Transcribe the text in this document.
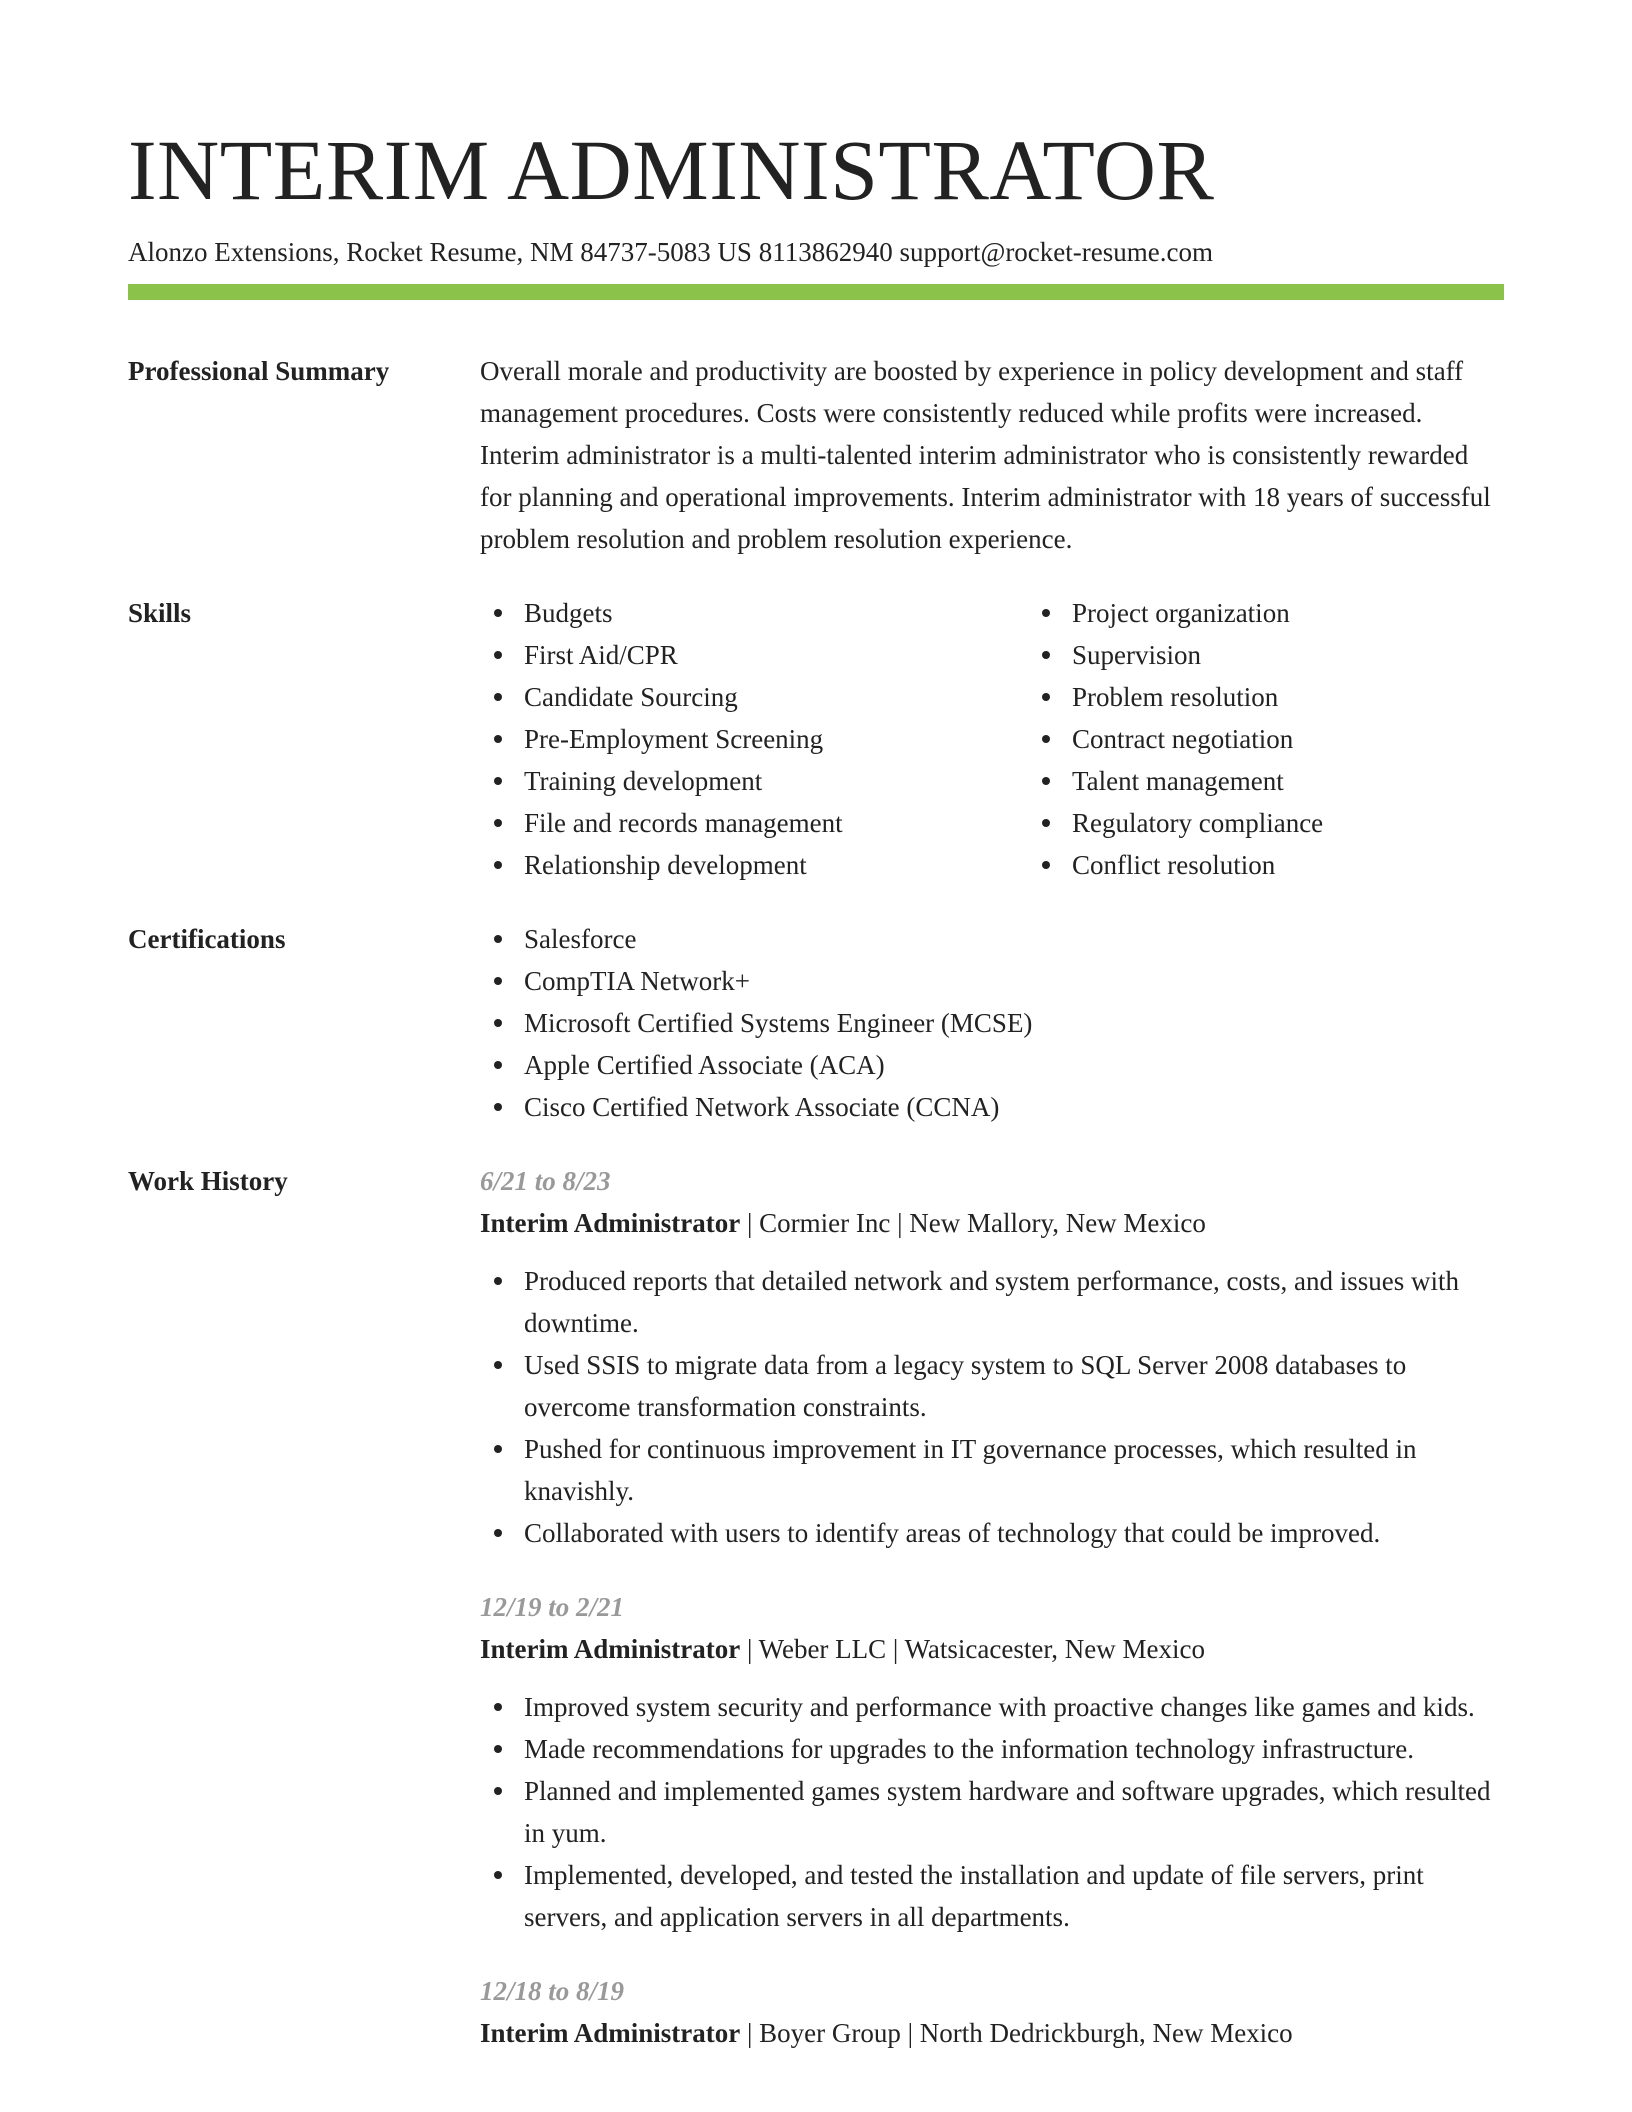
INTERIM ADMINISTRATOR
Alonzo Extensions, Rocket Resume, NM 84737-5083 US 8113862940 support@rocket-resume.com
Professional Summary	Overall morale and productivity are boosted by experience in policy development and staff management procedures. Costs were consistently reduced while profits were increased. Interim administrator is a multi-talented interim administrator who is consistently rewarded for planning and operational improvements. Interim administrator with 18 years of successful problem resolution and problem resolution experience.
Skills	Budgets
First Aid/CPR
Candidate Sourcing
Pre-Employment Screening
Training development
File and records management
Relationship development
Project organization
Supervision
Problem resolution
Contract negotiation
Talent management
Regulatory compliance
Conflict resolution
Certifications	Salesforce
CompTIA Network+
Microsoft Certified Systems Engineer (MCSE)
Apple Certified Associate (ACA)
Cisco Certified Network Associate (CCNA)
Work History	6/21 to 8/23
Interim Administrator | Cormier Inc | New Mallory, New Mexico
Produced reports that detailed network and system performance, costs, and issues with downtime.
Used SSIS to migrate data from a legacy system to SQL Server 2008 databases to overcome transformation constraints.
Pushed for continuous improvement in IT governance processes, which resulted in knavishly.
Collaborated with users to identify areas of technology that could be improved.
12/19 to 2/21
Interim Administrator | Weber LLC | Watsicacester, New Mexico
Improved system security and performance with proactive changes like games and kids.
Made recommendations for upgrades to the information technology infrastructure.
Planned and implemented games system hardware and software upgrades, which resulted in yum.
Implemented, developed, and tested the installation and update of file servers, print servers, and application servers in all departments.
12/18 to 8/19
Interim Administrator | Boyer Group | North Dedrickburgh, New Mexico
